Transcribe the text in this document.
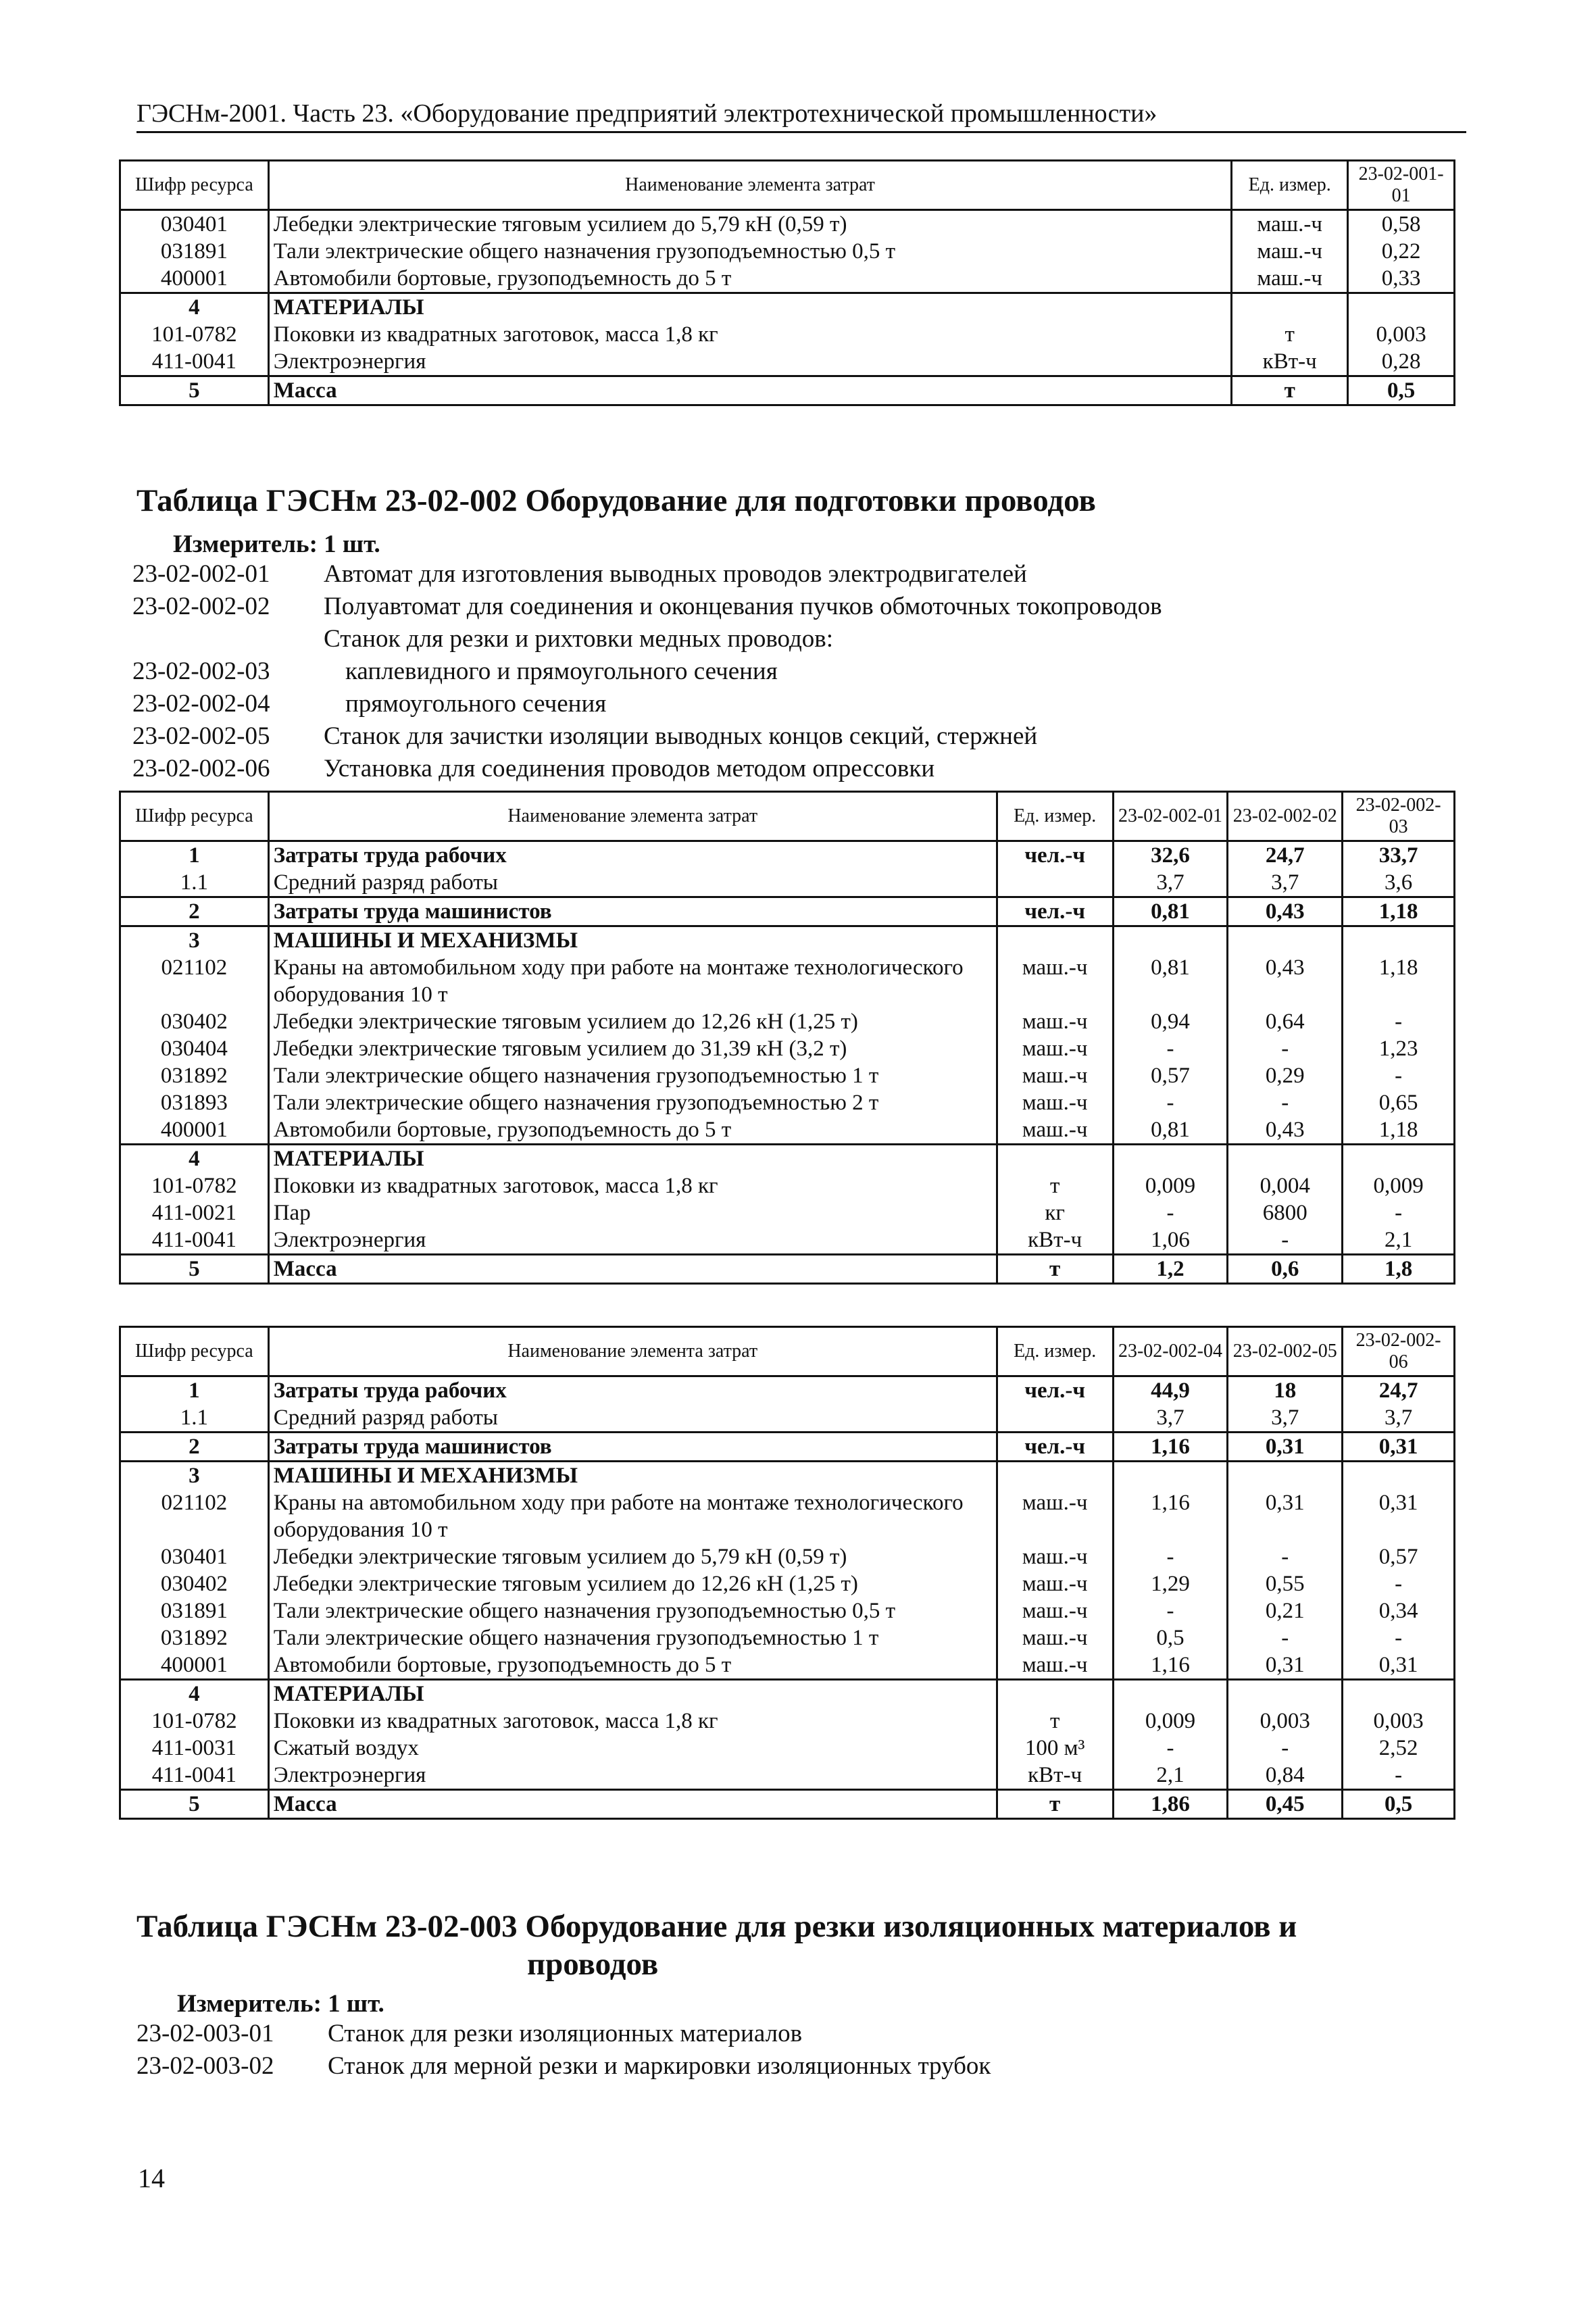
ГЭСНм-2001. Часть 23. «Оборудование предприятий электротехнической промышленности»
Шифр ресурса	Наименование элемента затрат	Ед. измер.	23-02-001-01
030401	Лебедки электрические тяговым усилием до 5,79 кН (0,59 т)	маш.-ч	0,58
031891	Тали электрические общего назначения грузоподъемностью 0,5 т	маш.-ч	0,22
400001	Автомобили бортовые, грузоподъемность до 5 т	маш.-ч	0,33
4	МАТЕРИАЛЫ		
101-0782	Поковки из квадратных заготовок, масса 1,8 кг	т	0,003
411-0041	Электроэнергия	кВт-ч	0,28
5	Масса	т	0,5
Таблица ГЭСНм 23-02-002 Оборудование для подготовки проводов
Измеритель: 1 шт.
23-02-002-01	Автомат для изготовления выводных проводов электродвигателей
23-02-002-02	Полуавтомат для соединения и оконцевания пучков обмоточных токопроводов
Станок для резки и рихтовки медных проводов:
23-02-002-03	каплевидного и прямоугольного сечения
23-02-002-04	прямоугольного сечения
23-02-002-05	Станок для зачистки изоляции выводных концов секций, стержней
23-02-002-06	Установка для соединения проводов методом опрессовки
Шифр ресурса	Наименование элемента затрат	Ед. измер.	23-02-002-01	23-02-002-02	23-02-002-03
1	Затраты труда рабочих	чел.-ч	32,6	24,7	33,7
1.1	Средний разряд работы		3,7	3,7	3,6
2	Затраты труда машинистов	чел.-ч	0,81	0,43	1,18
3	МАШИНЫ И МЕХАНИЗМЫ				
021102	Краны на автомобильном ходу при работе на монтаже технологического оборудования 10 т	маш.-ч	0,81	0,43	1,18
030402	Лебедки электрические тяговым усилием до 12,26 кН (1,25 т)	маш.-ч	0,94	0,64	-
030404	Лебедки электрические тяговым усилием до 31,39 кН (3,2 т)	маш.-ч	-	-	1,23
031892	Тали электрические общего назначения грузоподъемностью 1 т	маш.-ч	0,57	0,29	-
031893	Тали электрические общего назначения грузоподъемностью 2 т	маш.-ч	-	-	0,65
400001	Автомобили бортовые, грузоподъемность до 5 т	маш.-ч	0,81	0,43	1,18
4	МАТЕРИАЛЫ				
101-0782	Поковки из квадратных заготовок, масса 1,8 кг	т	0,009	0,004	0,009
411-0021	Пар	кг	-	6800	-
411-0041	Электроэнергия	кВт-ч	1,06	-	2,1
5	Масса	т	1,2	0,6	1,8
Шифр ресурса	Наименование элемента затрат	Ед. измер.	23-02-002-04	23-02-002-05	23-02-002-06
1	Затраты труда рабочих	чел.-ч	44,9	18	24,7
1.1	Средний разряд работы		3,7	3,7	3,7
2	Затраты труда машинистов	чел.-ч	1,16	0,31	0,31
3	МАШИНЫ И МЕХАНИЗМЫ				
021102	Краны на автомобильном ходу при работе на монтаже технологического оборудования 10 т	маш.-ч	1,16	0,31	0,31
030401	Лебедки электрические тяговым усилием до 5,79 кН (0,59 т)	маш.-ч	-	-	0,57
030402	Лебедки электрические тяговым усилием до 12,26 кН (1,25 т)	маш.-ч	1,29	0,55	-
031891	Тали электрические общего назначения грузоподъемностью 0,5 т	маш.-ч	-	0,21	0,34
031892	Тали электрические общего назначения грузоподъемностью 1 т	маш.-ч	0,5	-	-
400001	Автомобили бортовые, грузоподъемность до 5 т	маш.-ч	1,16	0,31	0,31
4	МАТЕРИАЛЫ				
101-0782	Поковки из квадратных заготовок, масса 1,8 кг	т	0,009	0,003	0,003
411-0031	Сжатый воздух	100 м³	-	-	2,52
411-0041	Электроэнергия	кВт-ч	2,1	0,84	-
5	Масса	т	1,86	0,45	0,5
Таблица ГЭСНм 23-02-003 Оборудование для резки изоляционных материалов и
проводов
Измеритель: 1 шт.
23-02-003-01	Станок для резки изоляционных материалов
23-02-003-02	Станок для мерной резки и маркировки изоляционных трубок
14
